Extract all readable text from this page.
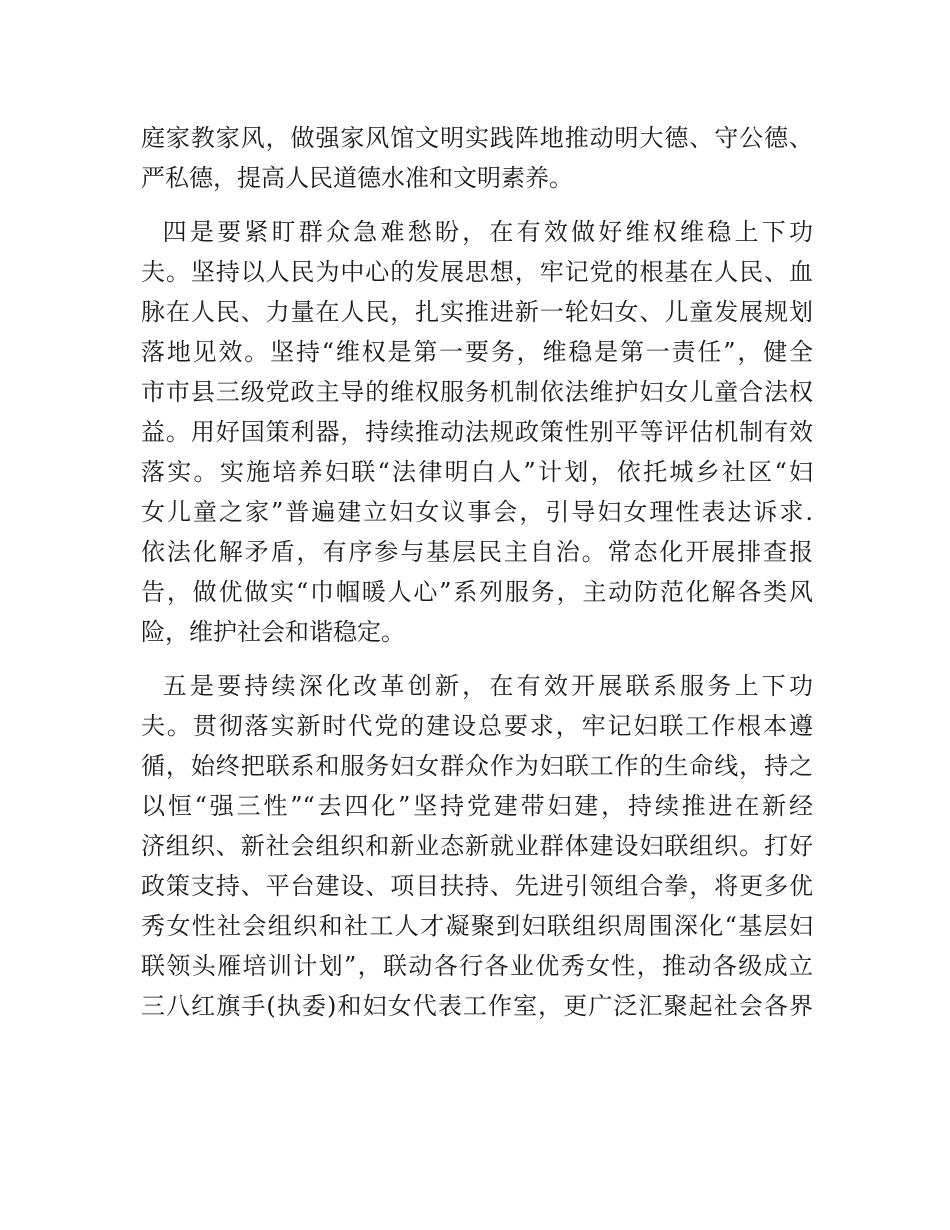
庭家教家风，做强家风馆文明实践阵地推动明大德、守公德、
严私德，提高人民道德水准和文明素养。
四是要紧盯群众急难愁盼，在有效做好维权维稳上下功
夫。坚持以人民为中心的发展思想，牢记党的根基在人民、血
脉在人民、力量在人民，扎实推进新一轮妇女、儿童发展规划
落地见效。坚持“维权是第一要务，维稳是第一责任”，健全
市市县三级党政主导的维权服务机制依法维护妇女儿童合法权
益。用好国策利器，持续推动法规政策性别平等评估机制有效
落实。实施培养妇联“法律明白人”计划，依托城乡社区“妇
女儿童之家”普遍建立妇女议事会，引导妇女理性表达诉求.
依法化解矛盾，有序参与基层民主自治。常态化开展排查报
告，做优做实“巾帼暖人心”系列服务，主动防范化解各类风
险，维护社会和谐稳定。
五是要持续深化改革创新，在有效开展联系服务上下功
夫。贯彻落实新时代党的建设总要求，牢记妇联工作根本遵
循，始终把联系和服务妇女群众作为妇联工作的生命线，持之
以恒“强三性”“去四化”坚持党建带妇建，持续推进在新经
济组织、新社会组织和新业态新就业群体建设妇联组织。打好
政策支持、平台建设、项目扶持、先进引领组合拳，将更多优
秀女性社会组织和社工人才凝聚到妇联组织周围深化“基层妇
联领头雁培训计划”，联动各行各业优秀女性，推动各级成立
三八红旗手(执委)和妇女代表工作室，更广泛汇聚起社会各界
